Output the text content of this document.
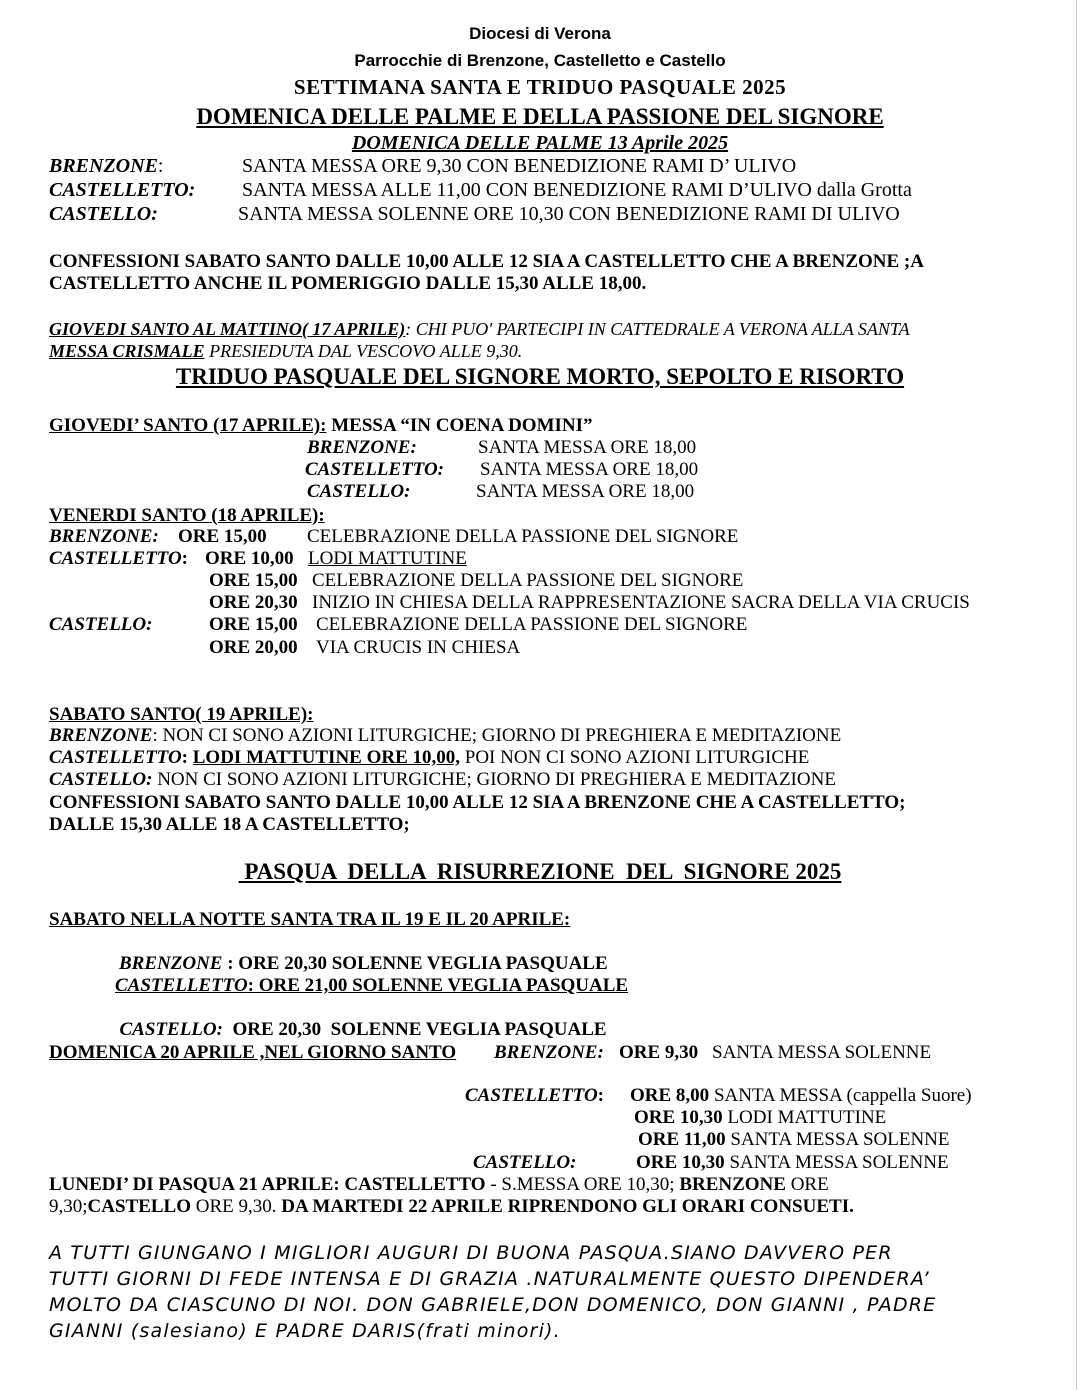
Diocesi di Verona
Parrocchie di Brenzone, Castelletto e Castello
SETTIMANA SANTA E TRIDUO PASQUALE 2025
DOMENICA DELLE PALME E DELLA PASSIONE DEL SIGNORE
DOMENICA DELLE PALME 13 Aprile 2025
BRENZONE:	SANTA MESSA ORE 9,30 CON BENEDIZIONE RAMI D’ ULIVO
CASTELLETTO: SANTA MESSA ALLE 11,00 CON BENEDIZIONE RAMI D’ULIVO dalla Grotta
CASTELLO:	SANTA MESSA SOLENNE ORE 10,30 CON BENEDIZIONE RAMI DI ULIVO
CONFESSIONI SABATO SANTO DALLE 10,00 ALLE 12 SIA A CASTELLETTO CHE A BRENZONE ;A
CASTELLETTO ANCHE IL POMERIGGIO DALLE 15,30 ALLE 18,00.
GIOVEDI SANTO AL MATTINO( 17 APRILE): CHI PUO' PARTECIPI IN CATTEDRALE A VERONA ALLA SANTA
MESSA CRISMALE PRESIEDUTA DAL VESCOVO ALLE 9,30.
TRIDUO PASQUALE DEL SIGNORE MORTO, SEPOLTO E RISORTO
GIOVEDI’ SANTO (17 APRILE): MESSA “IN COENA DOMINI”
BRENZONE:	SANTA MESSA ORE 18,00
CASTELLETTO: SANTA MESSA ORE 18,00
CASTELLO:	SANTA MESSA ORE 18,00
VENERDI SANTO (18 APRILE):
BRENZONE: ORE 15,00 CELEBRAZIONE DELLA PASSIONE DEL SIGNORE
CASTELLETTO: ORE 10,00 LODI MATTUTINE
ORE 15,00 CELEBRAZIONE DELLA PASSIONE DEL SIGNORE
ORE 20,30 INIZIO IN CHIESA DELLA RAPPRESENTAZIONE SACRA DELLA VIA CRUCIS
CASTELLO:	ORE 15,00 CELEBRAZIONE DELLA PASSIONE DEL SIGNORE
ORE 20,00 VIA CRUCIS IN CHIESA
SABATO SANTO( 19 APRILE):
BRENZONE: NON CI SONO AZIONI LITURGICHE; GIORNO DI PREGHIERA E MEDITAZIONE
CASTELLETTO: LODI MATTUTINE ORE 10,00, POI NON CI SONO AZIONI LITURGICHE
CASTELLO: NON CI SONO AZIONI LITURGICHE; GIORNO DI PREGHIERA E MEDITAZIONE
CONFESSIONI SABATO SANTO DALLE 10,00 ALLE 12 SIA A BRENZONE CHE A CASTELLETTO;
DALLE 15,30 ALLE 18 A CASTELLETTO;
PASQUA  DELLA  RISURREZIONE  DEL  SIGNORE 2025
SABATO NELLA NOTTE SANTA TRA IL 19 E IL 20 APRILE:
BRENZONE : ORE 20,30 SOLENNE VEGLIA PASQUALE
CASTELLETTO: ORE 21,00 SOLENNE VEGLIA PASQUALE

CASTELLO:  ORE 20,30  SOLENNE VEGLIA PASQUALE

DOMENICA 20 APRILE ,NEL GIORNO SANTO BRENZONE: ORE 9,30 SANTA MESSA SOLENNE
CASTELLETTO: ORE 8,00 SANTA MESSA (cappella Suore)
ORE 10,30 LODI MATTUTINE
ORE 11,00 SANTA MESSA SOLENNE
CASTELLO:	ORE 10,30 SANTA MESSA SOLENNE
LUNEDI’ DI PASQUA 21 APRILE: CASTELLETTO - S.MESSA ORE 10,30; BRENZONE ORE
9,30;CASTELLO ORE 9,30. DA MARTEDI 22 APRILE RIPRENDONO GLI ORARI CONSUETI.
A TUTTI GIUNGANO I MIGLIORI AUGURI DI BUONA PASQUA.SIANO DAVVERO PER
TUTTI GIORNI DI FEDE INTENSA E DI GRAZIA .NATURALMENTE QUESTO DIPENDERA’
MOLTO DA CIASCUNO DI NOI. DON GABRIELE,DON DOMENICO, DON GIANNI , PADRE
GIANNI (salesiano) E PADRE DARIS(frati minori).
